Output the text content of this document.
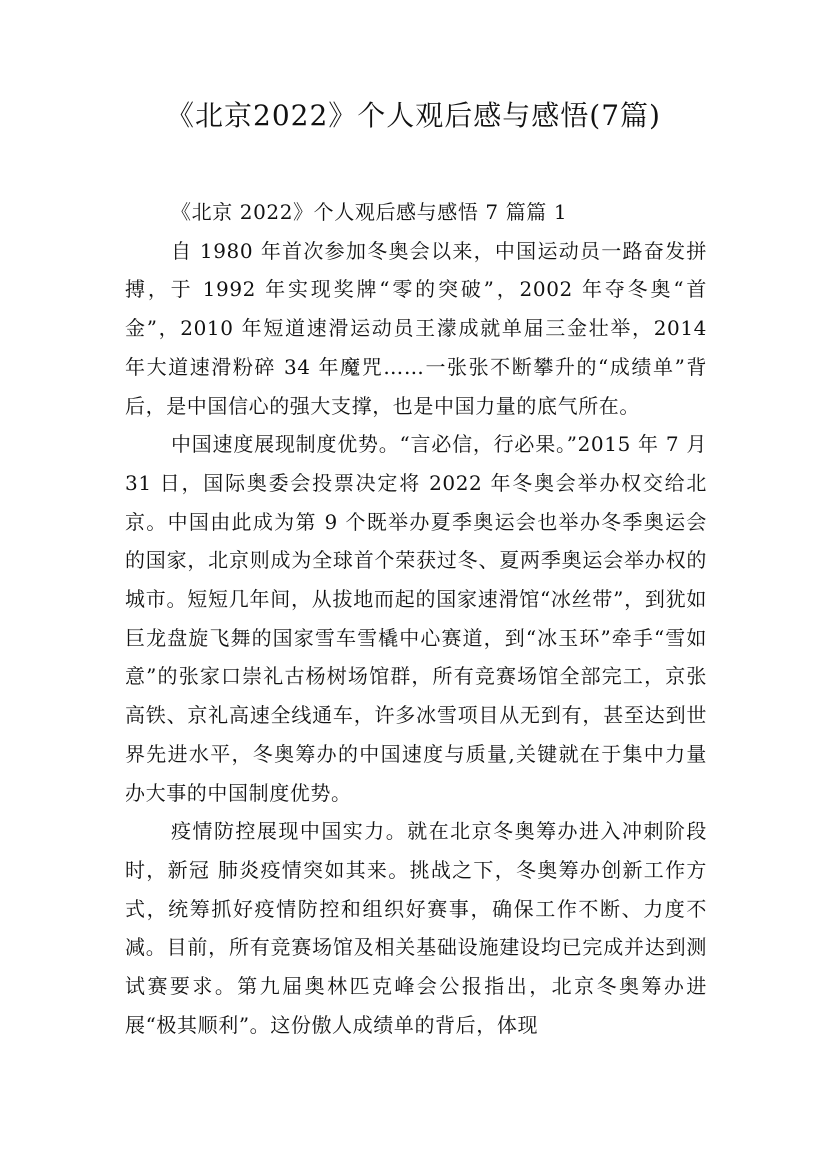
《北京2022》个人观后感与感悟(7篇)

《北京 2022》个人观后感与感悟 7 篇篇 1

自 1980 年首次参加冬奥会以来，中国运动员一路奋发拼搏，于 1992 年实现奖牌“零的突破”，2002 年夺冬奥“首金”，2010 年短道速滑运动员王濛成就单届三金壮举，2014 年大道速滑粉碎 34 年魔咒……一张张不断攀升的“成绩单”背后，是中国信心的强大支撑，也是中国力量的底气所在。

中国速度展现制度优势。“言必信，行必果。”2015 年 7 月 31 日，国际奥委会投票决定将 2022 年冬奥会举办权交给北京。中国由此成为第 9 个既举办夏季奥运会也举办冬季奥运会的国家，北京则成为全球首个荣获过冬、夏两季奥运会举办权的城市。短短几年间，从拔地而起的国家速滑馆“冰丝带”，到犹如巨龙盘旋飞舞的国家雪车雪橇中心赛道，到“冰玉环”牵手“雪如意”的张家口崇礼古杨树场馆群，所有竞赛场馆全部完工，京张高铁、京礼高速全线通车，许多冰雪项目从无到有，甚至达到世界先进水平，冬奥筹办的中国速度与质量,关键就在于集中力量办大事的中国制度优势。

疫情防控展现中国实力。就在北京冬奥筹办进入冲刺阶段时，新冠 肺炎疫情突如其来。挑战之下，冬奥筹办创新工作方式，统筹抓好疫情防控和组织好赛事，确保工作不断、力度不减。目前，所有竞赛场馆及相关基础设施建设均已完成并达到测试赛要求。第九届奥林匹克峰会公报指出，北京冬奥筹办进展“极其顺利”。这份傲人成绩单的背后，体现
